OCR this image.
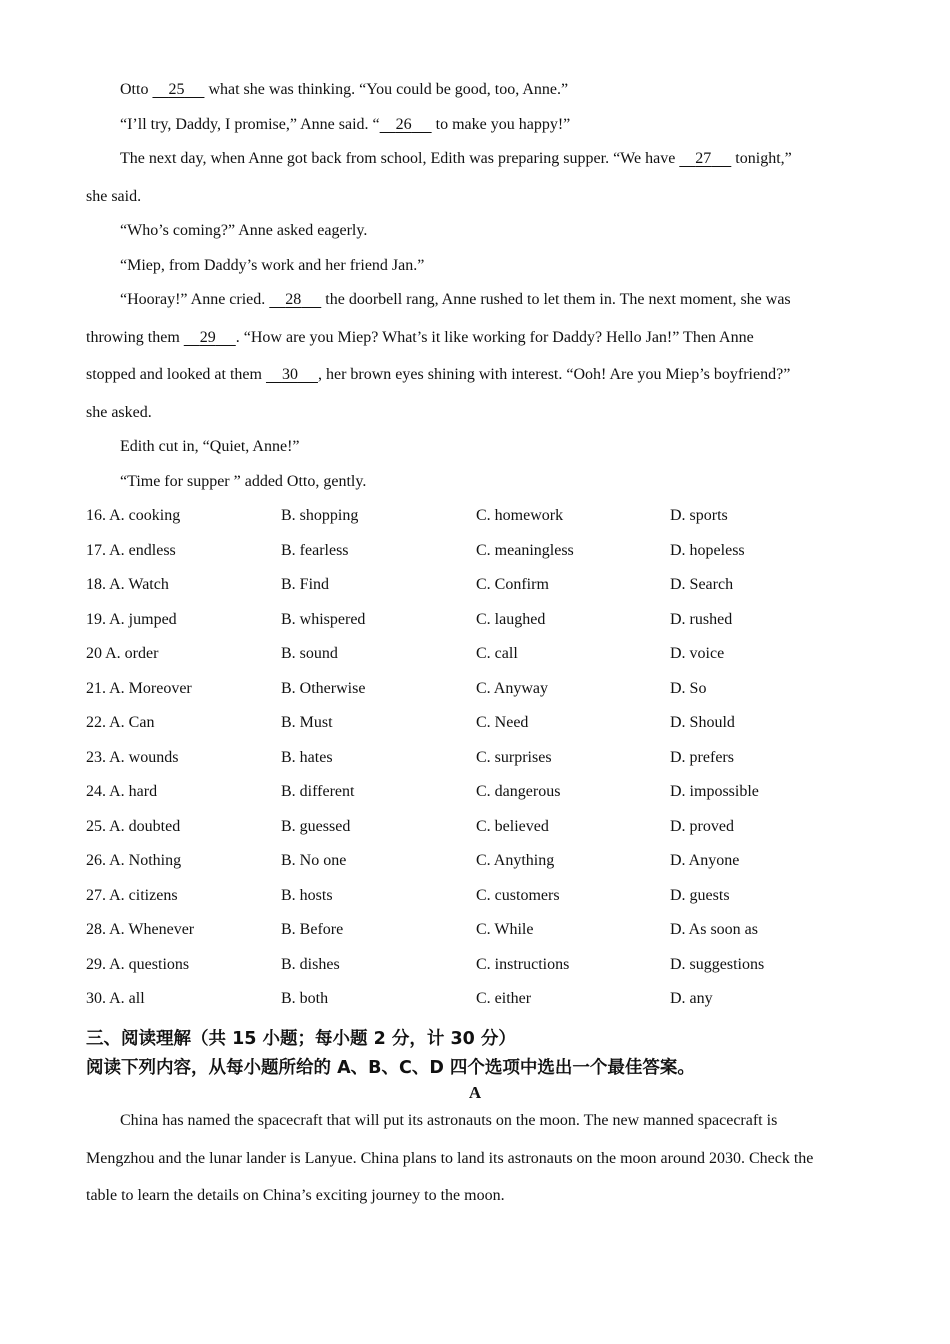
Otto     25      what she was thinking. “You could be good, too, Anne.”
“I’ll try, Daddy, I promise,” Anne said. “ 26      to make you happy!”
The next day, when Anne got back from school, Edith was preparing supper. “We have     27      tonight,”
she said.
“Who’s coming?” Anne asked eagerly.
“Miep, from Daddy’s work and her friend Jan.”
“Hooray!” Anne cried.     28      the doorbell rang, Anne rushed to let them in. The next moment, she was
throwing them     29 . “How are you Miep? What’s it like working for Daddy? Hello Jan!” Then Anne
stopped and looked at them     30 , her brown eyes shining with interest. “Ooh! Are you Miep’s boyfriend?”
she asked.
Edith cut in, “Quiet, Anne!”
“Time for supper ” added Otto, gently.
16. A. cooking	B. shopping	C. homework	D. sports
17. A. endless	B. fearless	C. meaningless	D. hopeless
18. A. Watch	B. Find	C. Confirm	D. Search
19. A. jumped	B. whispered	C. laughed	D. rushed
20 A. order	B. sound	C. call	D. voice
21. A. Moreover	B. Otherwise	C. Anyway	D. So
22. A. Can	B. Must	C. Need	D. Should
23. A. wounds	B. hates	C. surprises	D. prefers
24. A. hard	B. different	C. dangerous	D. impossible
25. A. doubted	B. guessed	C. believed	D. proved
26. A. Nothing	B. No one	C. Anything	D. Anyone
27. A. citizens	B. hosts	C. customers	D. guests
28. A. Whenever	B. Before	C. While	D. As soon as
29. A. questions	B. dishes	C. instructions	D. suggestions
30. A. all	B. both	C. either	D. any
三、阅读理解（共 15 小题；每小题 2 分，计 30 分）
阅读下列内容，从每小题所给的 A、B、C、D 四个选项中选出一个最佳答案。
A
China has named the spacecraft that will put its astronauts on the moon. The new manned spacecraft is
Mengzhou and the lunar lander is Lanyue. China plans to land its astronauts on the moon around 2030. Check the
table to learn the details on China’s exciting journey to the moon.
